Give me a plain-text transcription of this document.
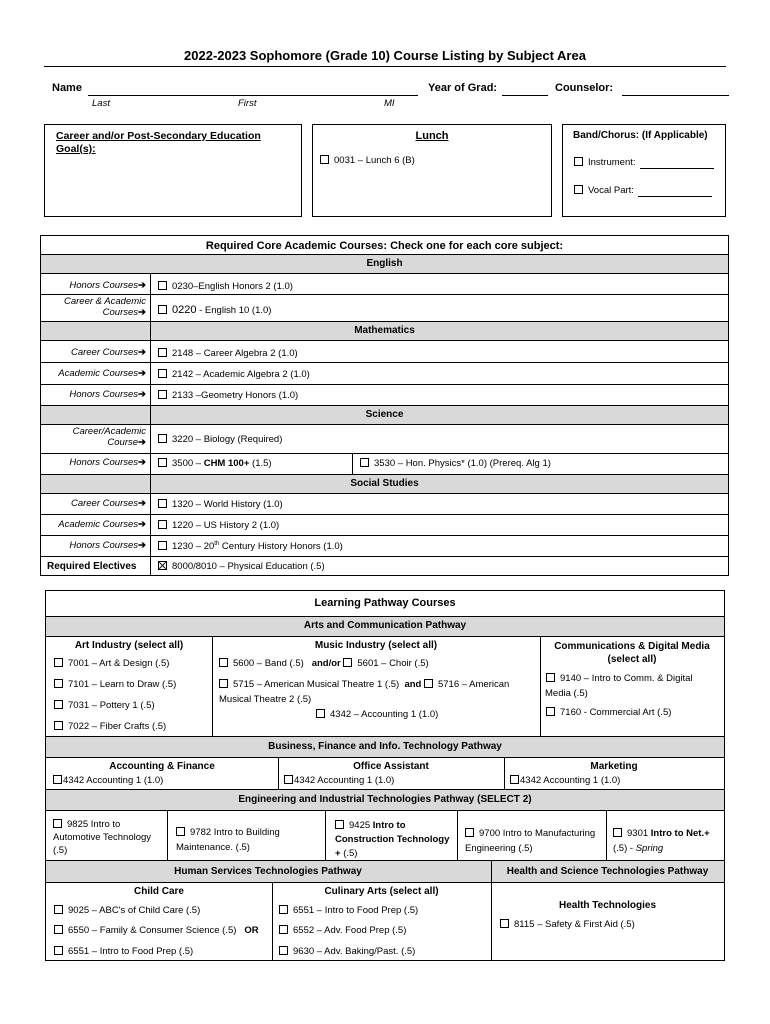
2022-2023 Sophomore (Grade 10) Course Listing by Subject Area
Name
Last	First	MI
Year of Grad:	Counselor:
Career and/or Post-Secondary Education Goal(s):
Lunch
0031 – Lunch 6 (B)
Band/Chorus: (If Applicable)
Instrument:
Vocal Part:
Required Core Academic Courses: Check one for each core subject:
English
Honors Courses➔	0230–English Honors 2 (1.0)
Career & Academic
Courses➔	0220 - English 10 (1.0)
Mathematics
Career Courses➔	2148 – Career Algebra 2 (1.0)
Academic Courses➔	2142 – Academic Algebra 2 (1.0)
Honors Courses➔	2133 –Geometry Honors (1.0)
Science
Career/Academic
Course➔	3220 – Biology (Required)
Honors Courses➔	3500 – CHM 100+ (1.5)	3530 – Hon. Physics* (1.0) (Prereq. Alg 1)
Social Studies
Career Courses➔	1320 – World History (1.0)
Academic Courses➔	1220 – US History 2 (1.0)
Honors Courses➔	1230 – 20th Century History Honors (1.0)
Required Electives	8000/8010 – Physical Education (.5)
Learning Pathway Courses
Arts and Communication Pathway
Art Industry (select all)
7001 – Art & Design (.5)
7101 – Learn to Draw (.5)
7031 – Pottery 1 (.5)
7022 – Fiber Crafts (.5)
Music Industry (select all)
5600 – Band (.5) and/or 5601 – Choir (.5)
5715 – American Musical Theatre 1 (.5) and 5716 – American
Musical Theatre 2 (.5)
4342 – Accounting 1 (1.0)
Communications & Digital Media
(select all)
9140 – Intro to Comm. & Digital
Media (.5)
7160 - Commercial Art (.5)
Business, Finance and Info. Technology Pathway
Accounting & Finance
4342 Accounting 1 (1.0)
Office Assistant
4342 Accounting 1 (1.0)
Marketing
4342 Accounting 1 (1.0)
Engineering and Industrial Technologies Pathway (SELECT 2)
9825 Intro to
Automotive Technology
(.5)
9782 Intro to Building
Maintenance. (.5)
9425 Intro to
Construction Technology
+ (.5)
9700 Intro to Manufacturing
Engineering (.5)
9301 Intro to Net.+
(.5) - Spring
Human Services Technologies Pathway	Health and Science Technologies Pathway
Child Care
9025 – ABC's of Child Care (.5)
6550 – Family & Consumer Science (.5) OR
6551 – Intro to Food Prep (.5)
Culinary Arts (select all)
6551 – Intro to Food Prep (.5)
6552 – Adv. Food Prep (.5)
9630 – Adv. Baking/Past. (.5)
Health Technologies
8115 – Safety & First Aid (.5)
